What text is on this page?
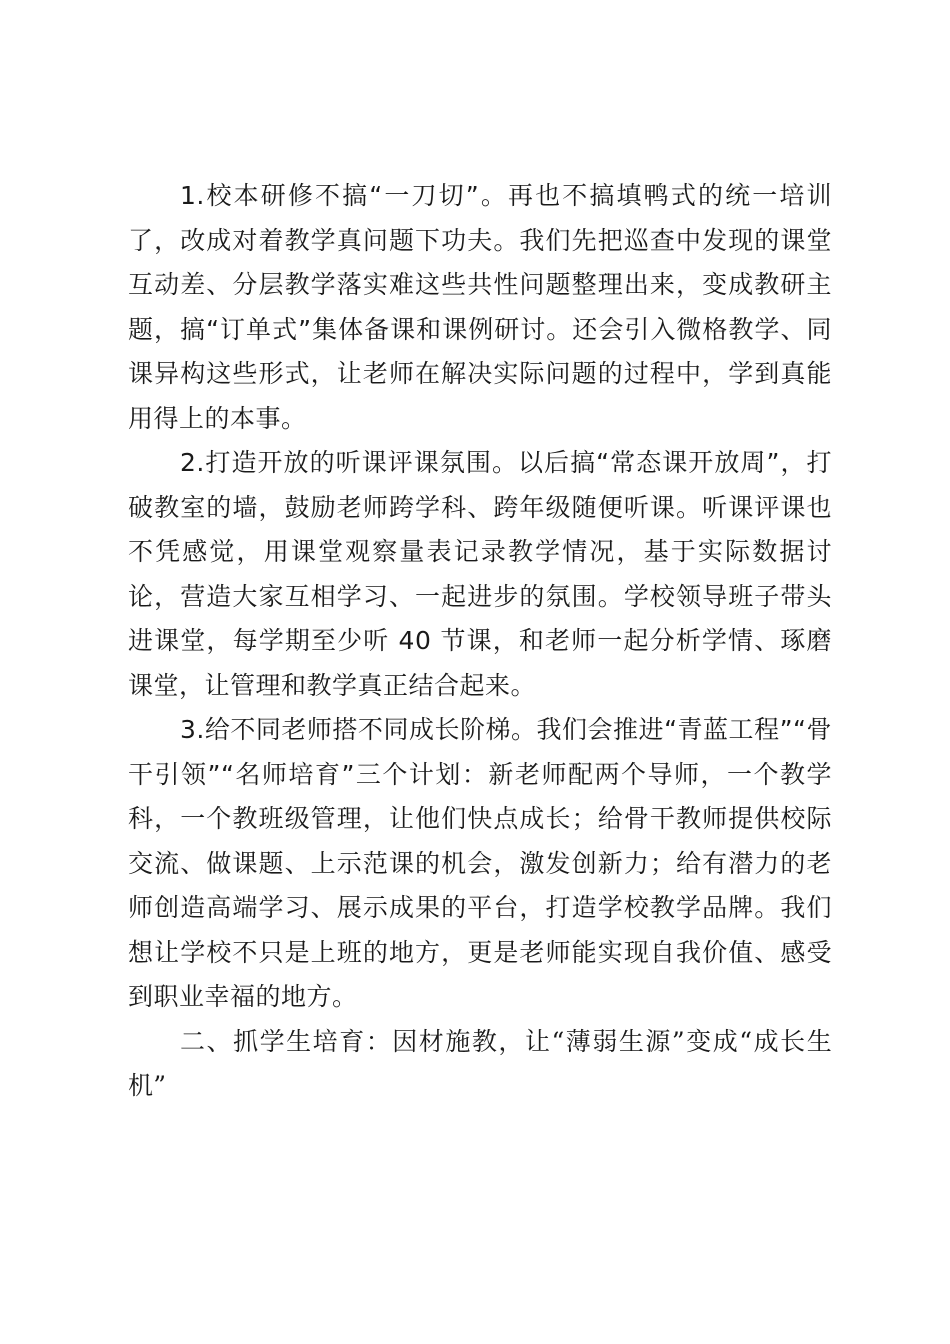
1.校本研修不搞“一刀切”。再也不搞填鸭式的统一培训了，改成对着教学真问题下功夫。我们先把巡查中发现的课堂互动差、分层教学落实难这些共性问题整理出来，变成教研主题，搞“订单式”集体备课和课例研讨。还会引入微格教学、同课异构这些形式，让老师在解决实际问题的过程中，学到真能用得上的本事。

2.打造开放的听课评课氛围。以后搞“常态课开放周”，打破教室的墙，鼓励老师跨学科、跨年级随便听课。听课评课也不凭感觉，用课堂观察量表记录教学情况，基于实际数据讨论，营造大家互相学习、一起进步的氛围。学校领导班子带头进课堂，每学期至少听 40 节课，和老师一起分析学情、琢磨课堂，让管理和教学真正结合起来。

3.给不同老师搭不同成长阶梯。我们会推进“青蓝工程”“骨干引领”“名师培育”三个计划：新老师配两个导师，一个教学科，一个教班级管理，让他们快点成长；给骨干教师提供校际交流、做课题、上示范课的机会，激发创新力；给有潜力的老师创造高端学习、展示成果的平台，打造学校教学品牌。我们想让学校不只是上班的地方，更是老师能实现自我价值、感受到职业幸福的地方。

二、抓学生培育：因材施教，让“薄弱生源”变成“成长生机”
